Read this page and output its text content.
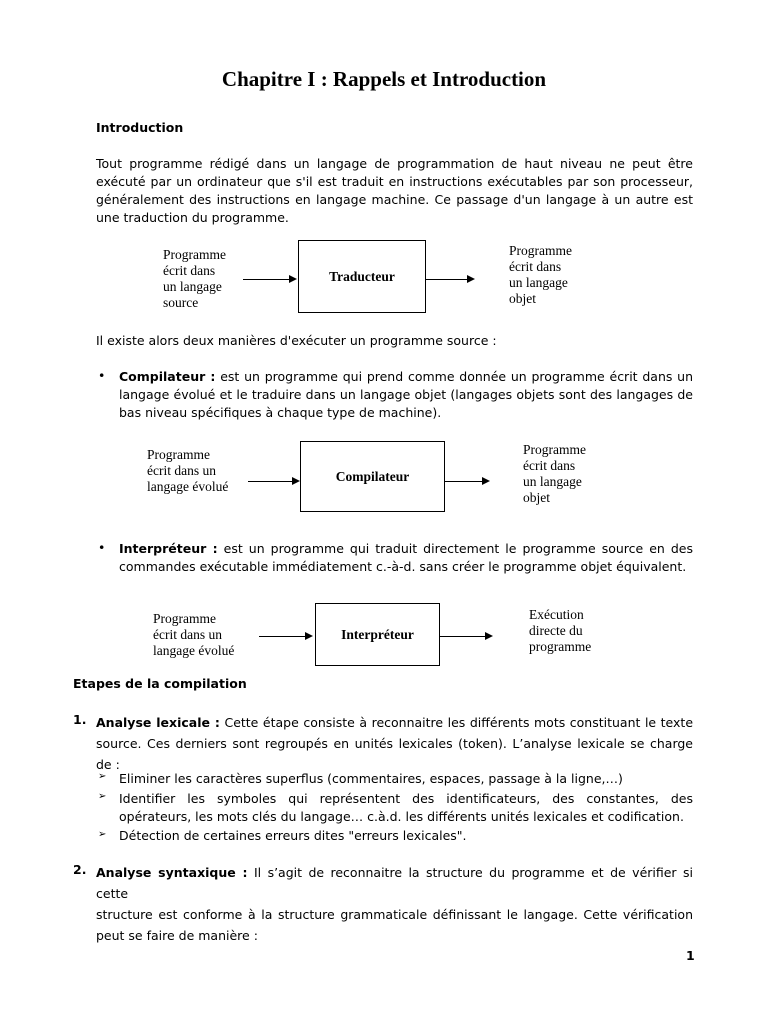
Chapitre I : Rappels et Introduction
Introduction
Tout programme rédigé dans un langage de programmation de haut niveau ne peut être
exécuté par un ordinateur que s'il est traduit en instructions exécutables par son processeur,
généralement des instructions en langage machine. Ce passage d'un langage à un autre est
une traduction du programme.
Programme
écrit dans
un langage
source
Traducteur
Programme
écrit dans
un langage
objet
Il existe alors deux manières d'exécuter un programme source :
• Compilateur : est un programme qui prend comme donnée un programme écrit dans un
langage évolué et le traduire dans un langage objet (langages objets sont des langages de
bas niveau spécifiques à chaque type de machine).
Programme
écrit dans un
langage évolué
Compilateur
Programme
écrit dans
un langage
objet
• Interpréteur : est un programme qui traduit directement le programme source en des
commandes exécutable immédiatement c.-à-d. sans créer le programme objet équivalent.
Programme
écrit dans un
langage évolué
Interpréteur
Exécution
directe du
programme
Etapes de la compilation
1. Analyse lexicale : Cette étape consiste à reconnaitre les différents mots constituant le texte
source. Ces derniers sont regroupés en unités lexicales (token). L’analyse lexicale se charge de :
➢ Eliminer les caractères superflus (commentaires, espaces, passage à la ligne,…)
➢ Identifier les symboles qui représentent des identificateurs, des constantes, des
opérateurs, les mots clés du langage… c.à.d. les différents unités lexicales et codification.
➢ Détection de certaines erreurs dites "erreurs lexicales".
2. Analyse syntaxique : Il s’agit de reconnaitre la structure du programme et de vérifier si cette
structure est conforme à la structure grammaticale définissant le langage. Cette vérification
peut se faire de manière :
1
